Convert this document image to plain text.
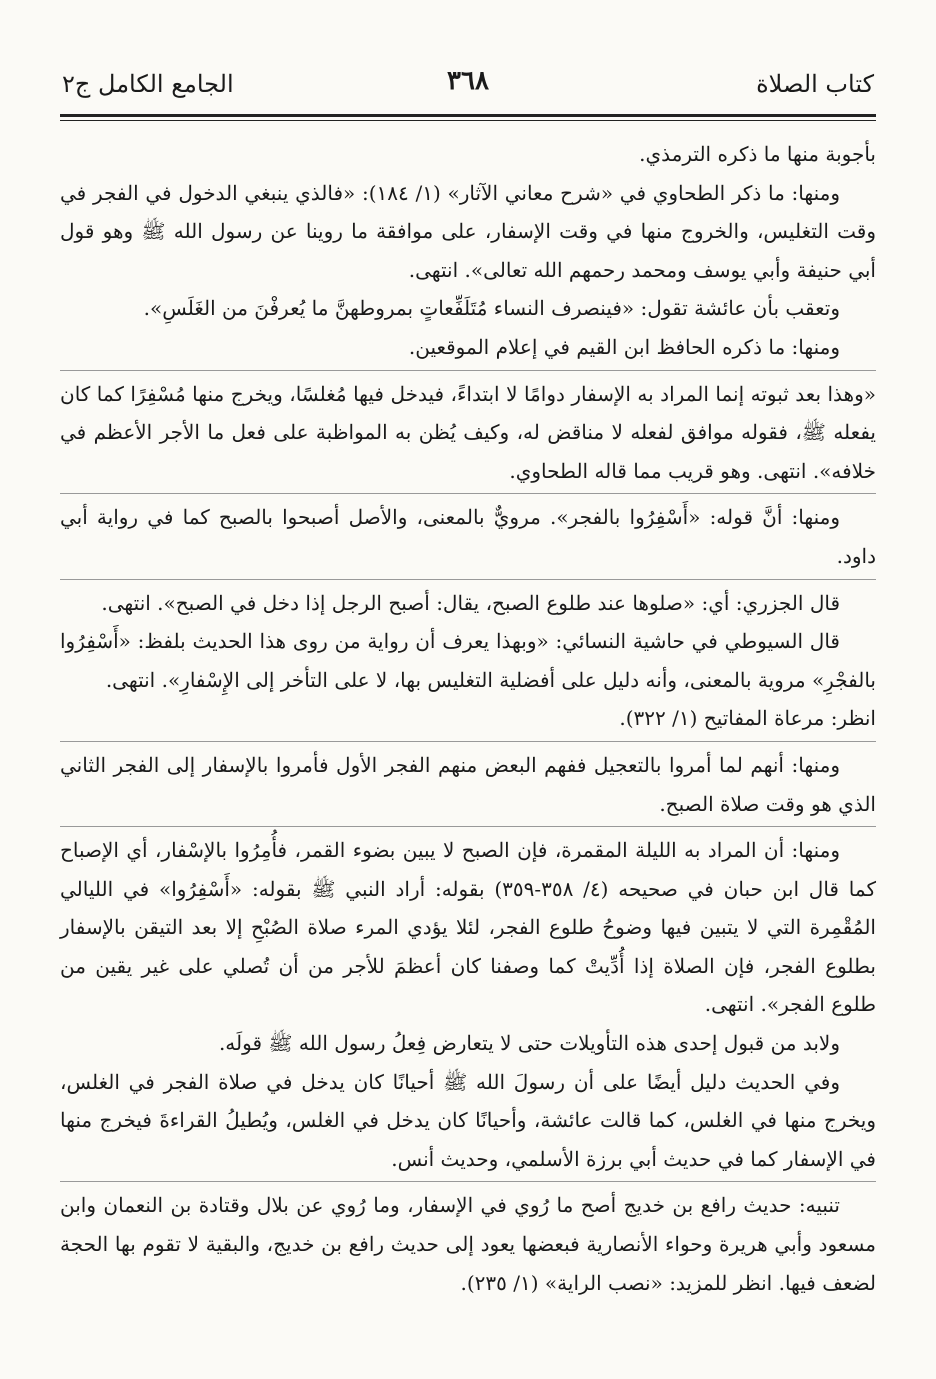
كتاب الصلاة
٣٦٨
الجامع الكامل ج٢

بأجوبة منها ما ذكره الترمذي.

ومنها: ما ذكر الطحاوي في «شرح معاني الآثار» (١/ ١٨٤): «فالذي ينبغي الدخول في الفجر في وقت التغليس، والخروج منها في وقت الإسفار، على موافقة ما روينا عن رسول الله ﷺ وهو قول أبي حنيفة وأبي يوسف ومحمد رحمهم الله تعالى». انتهى.

وتعقب بأن عائشة تقول: «فينصرف النساء مُتَلَفِّعاتٍ بمروطهنَّ ما يُعرفْنَ من الغَلَسِ».

ومنها: ما ذكره الحافظ ابن القيم في إعلام الموقعين.

«وهذا بعد ثبوته إنما المراد به الإسفار دوامًا لا ابتداءً، فيدخل فيها مُغلسًا، ويخرج منها مُسْفِرًا كما كان يفعله ﷺ، فقوله موافق لفعله لا مناقض له، وكيف يُظن به المواظبة على فعل ما الأجر الأعظم في خلافه». انتهى. وهو قريب مما قاله الطحاوي.

ومنها: أنَّ قوله: «أَسْفِرُوا بالفجر». مرويٌّ بالمعنى، والأصل أصبحوا بالصبح كما في رواية أبي داود.

قال الجزري: أي: «صلوها عند طلوع الصبح، يقال: أصبح الرجل إذا دخل في الصبح». انتهى.

قال السيوطي في حاشية النسائي: «وبهذا يعرف أن رواية من روى هذا الحديث بلفظ: «أَسْفِرُوا بالفجْرِ» مروية بالمعنى، وأنه دليل على أفضلية التغليس بها، لا على التأخر إلى الإِسْفارِ». انتهى.

انظر: مرعاة المفاتيح (١/ ٣٢٢).

ومنها: أنهم لما أمروا بالتعجيل ففهم البعض منهم الفجر الأول فأمروا بالإسفار إلى الفجر الثاني الذي هو وقت صلاة الصبح.

ومنها: أن المراد به الليلة المقمرة، فإن الصبح لا يبين بضوء القمر، فأُمِرُوا بالإسْفار، أي الإصباح كما قال ابن حبان في صحيحه (٤/ ٣٥٨-٣٥٩) بقوله: أراد النبي ﷺ بقوله: «أَسْفِرُوا» في الليالي المُقْمِرة التي لا يتبين فيها وضوحُ طلوع الفجر، لئلا يؤدي المرء صلاة الصُبْحِ إلا بعد التيقن بالإسفار بطلوع الفجر، فإن الصلاة إذا أُدِّيتْ كما وصفنا كان أعظمَ للأجر من أن تُصلي على غير يقين من طلوع الفجر». انتهى.

ولابد من قبول إحدى هذه التأويلات حتى لا يتعارض فِعلُ رسول الله ﷺ قولَه.

وفي الحديث دليل أيضًا على أن رسولَ الله ﷺ أحيانًا كان يدخل في صلاة الفجر في الغلس، ويخرج منها في الغلس، كما قالت عائشة، وأحيانًا كان يدخل في الغلس، ويُطيلُ القراءةَ فيخرج منها في الإسفار كما في حديث أبي برزة الأسلمي، وحديث أنس.

تنبيه: حديث رافع بن خديج أصح ما رُوي في الإسفار، وما رُوي عن بلال وقتادة بن النعمان وابن مسعود وأبي هريرة وحواء الأنصارية فبعضها يعود إلى حديث رافع بن خديج، والبقية لا تقوم بها الحجة لضعف فيها. انظر للمزيد: «نصب الراية» (١/ ٢٣٥).
